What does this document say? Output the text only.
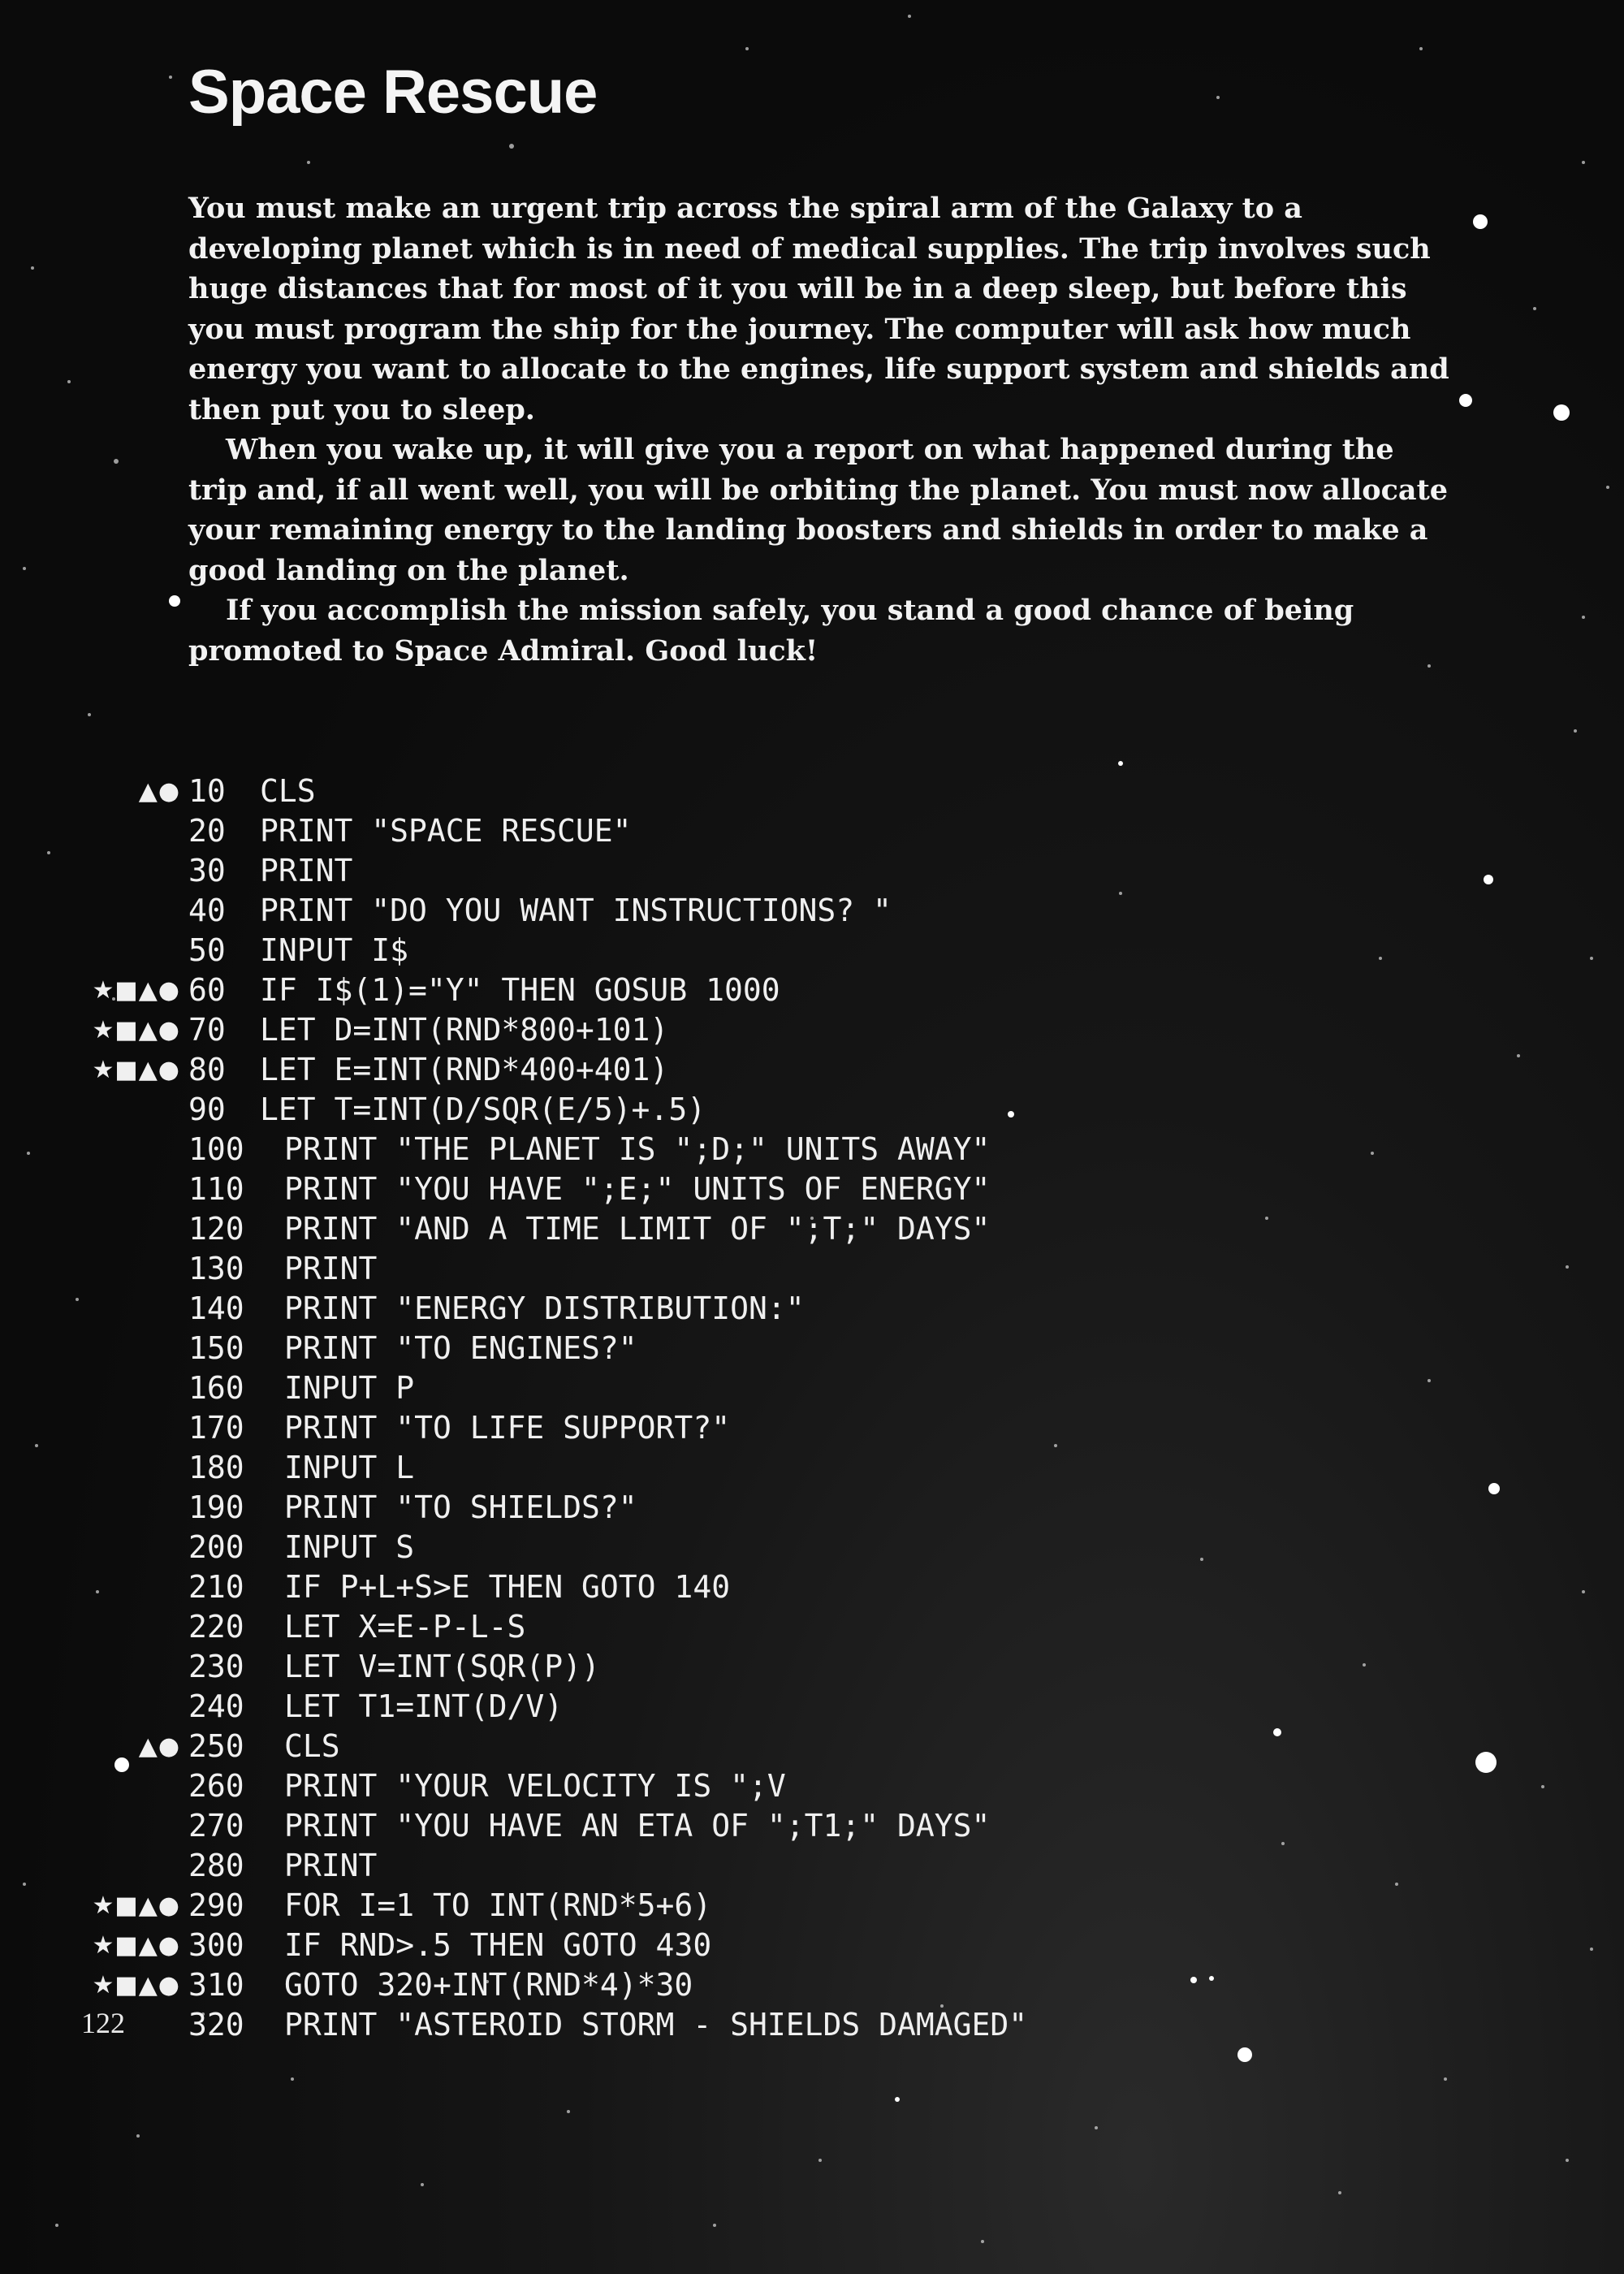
Space Rescue

You must make an urgent trip across the spiral arm of the Galaxy to a developing planet which is in need of medical supplies. The trip involves such huge distances that for most of it you will be in a deep sleep, but before this you must program the ship for the journey. The computer will ask how much energy you want to allocate to the engines, life support system and shields and then put you to sleep.

When you wake up, it will give you a report on what happened during the trip and, if all went well, you will be orbiting the planet. You must now allocate your remaining energy to the landing boosters and shields in order to make a good landing on the planet.

If you accomplish the mission safely, you stand a good chance of being promoted to Space Admiral. Good luck!

▲● 10 CLS
20 PRINT "SPACE RESCUE"
30 PRINT
40 PRINT "DO YOU WANT INSTRUCTIONS? "
50 INPUT I$
★■▲● 60 IF I$(1)="Y" THEN GOSUB 1000
★■▲● 70 LET D=INT(RND*800+101)
★■▲● 80 LET E=INT(RND*400+401)
90 LET T=INT(D/SQR(E/5)+.5)
100 PRINT "THE PLANET IS ";D;" UNITS AWAY"
110 PRINT "YOU HAVE ";E;" UNITS OF ENERGY"
120 PRINT "AND A TIME LIMIT OF ";T;" DAYS"
130 PRINT
140 PRINT "ENERGY DISTRIBUTION:"
150 PRINT "TO ENGINES?"
160 INPUT P
170 PRINT "TO LIFE SUPPORT?"
180 INPUT L
190 PRINT "TO SHIELDS?"
200 INPUT S
210 IF P+L+S>E THEN GOTO 140
220 LET X=E-P-L-S
230 LET V=INT(SQR(P))
240 LET T1=INT(D/V)
▲● 250 CLS
260 PRINT "YOUR VELOCITY IS ";V
270 PRINT "YOU HAVE AN ETA OF ";T1;" DAYS"
280 PRINT
★■▲● 290 FOR I=1 TO INT(RND*5+6)
★■▲● 300 IF RND>.5 THEN GOTO 430
★■▲● 310 GOTO 320+INT(RND*4)*30
320 PRINT "ASTEROID STORM - SHIELDS DAMAGED"
122
